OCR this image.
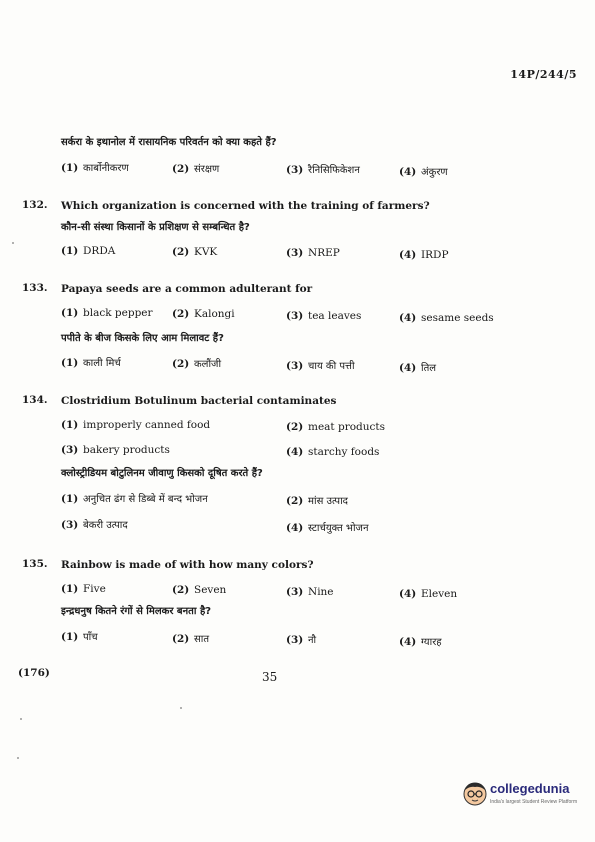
14P/244/5
सर्करा के इथानोल में रासायनिक परिवर्तन को क्या कहते हैं?
(1) कार्बोनीकरण	(2) संरक्षण	(3) रैनिसिफिकेशन	(4) अंकुरण
132. Which organization is concerned with the training of farmers?
कौन-सी संस्था किसानों के प्रशिक्षण से सम्बन्धित है?
(1) DRDA	(2) KVK	(3) NREP	(4) IRDP
133. Papaya seeds are a common adulterant for
(1) black pepper (2) Kalongi	(3) tea leaves	(4) sesame seeds
पपीते के बीज किसके लिए आम मिलावट हैं?
(1) काली मिर्च	(2) कलौंजी	(3) चाय की पत्ती	(4) तिल
134. Clostridium Botulinum bacterial contaminates
(1) improperly canned food	(2) meat products
(3) bakery products	(4) starchy foods
क्लोस्ट्रीडियम बोटुलिनम जीवाणु किसको दूषित करते हैं?
(1) अनुचित ढंग से डिब्बे में बन्द भोजन	(2) मांस उत्पाद
(3) बेकरी उत्पाद	(4) स्टार्चयुक्त भोजन
135. Rainbow is made of with how many colors?
(1) Five	(2) Seven	(3) Nine	(4) Eleven
इन्द्रधनुष कितने रंगों से मिलकर बनता है?
(1) पाँच	(2) सात	(3) नौ	(4) ग्यारह
(176)	35
collegedunia
India's largest Student Review Platform
